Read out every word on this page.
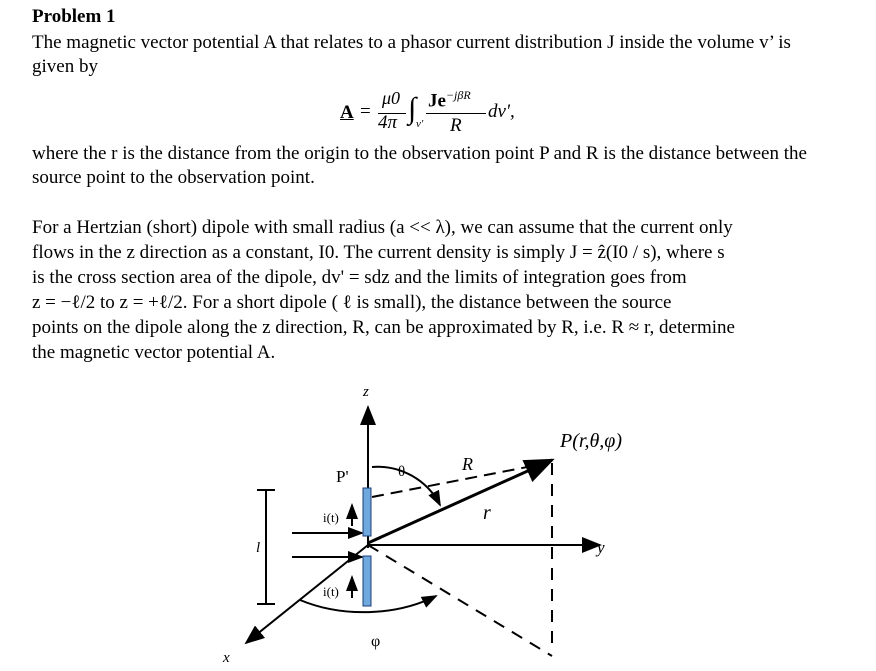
Problem 1
The magnetic vector potential A that relates to a phasor current distribution J inside the volume v’ is given by
A =
μ0
4π ∫ v'
$Je^{-j\beta R}$
R
dv',
where the r is the distance from the origin to the observation point P and R is the distance between the source point to the observation point.
For a Hertzian (short) dipole with small radius (a << λ), we can assume that the current only
flows in the z direction as a constant, I0. The current density is simply J = ẑ(I0 / s), where s
is the cross section area of the dipole, dv' = sdz and the limits of integration goes from
z = −ℓ/2 to z = +ℓ/2. For a short dipole ( ℓ is small), the distance between the source
points on the dipole along the z direction, R, can be approximated by R, i.e. R ≈ r, determine
the magnetic vector potential A.
z
y
x
i(t)
i(t)
l
P'	θ
φ
R
r
P(r,θ,φ)
